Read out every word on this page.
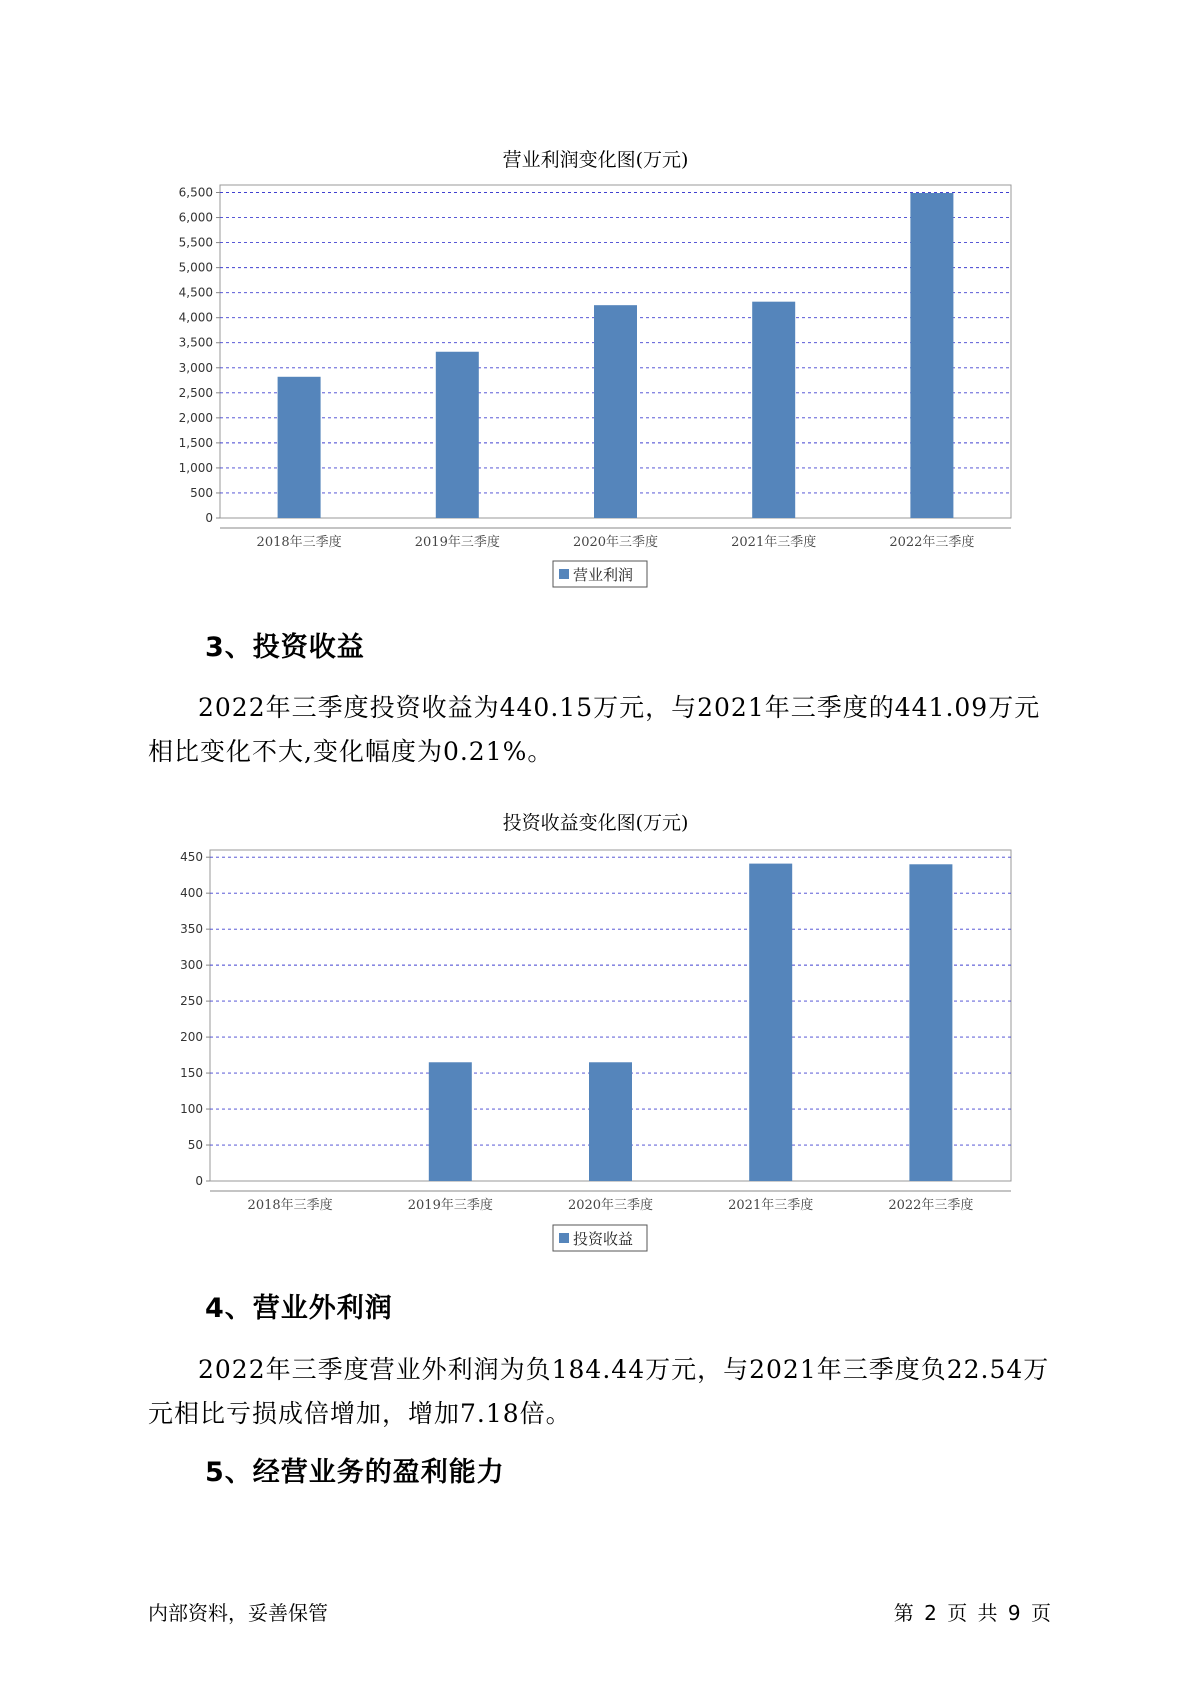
营业利润变化图(万元)
0
500
1,000
1,500
2,000
2,500
3,000
3,500
4,000
4,500
5,000
5,500
6,000
6,500
2018年三季度	2019年三季度	2020年三季度	2021年三季度	2022年三季度
营业利润
3、投资收益
2022年三季度投资收益为440.15万元，与2021年三季度的441.09万元
相比变化不大,变化幅度为0.21%。
投资收益变化图(万元)
0
50
100
150
200
250
300
350
400
450
2018年三季度	2019年三季度	2020年三季度	2021年三季度	2022年三季度
投资收益
4、营业外利润
2022年三季度营业外利润为负184.44万元，与2021年三季度负22.54万
元相比亏损成倍增加，增加7.18倍。
5、经营业务的盈利能力
内部资料，妥善保管	第 2 页 共 9 页
